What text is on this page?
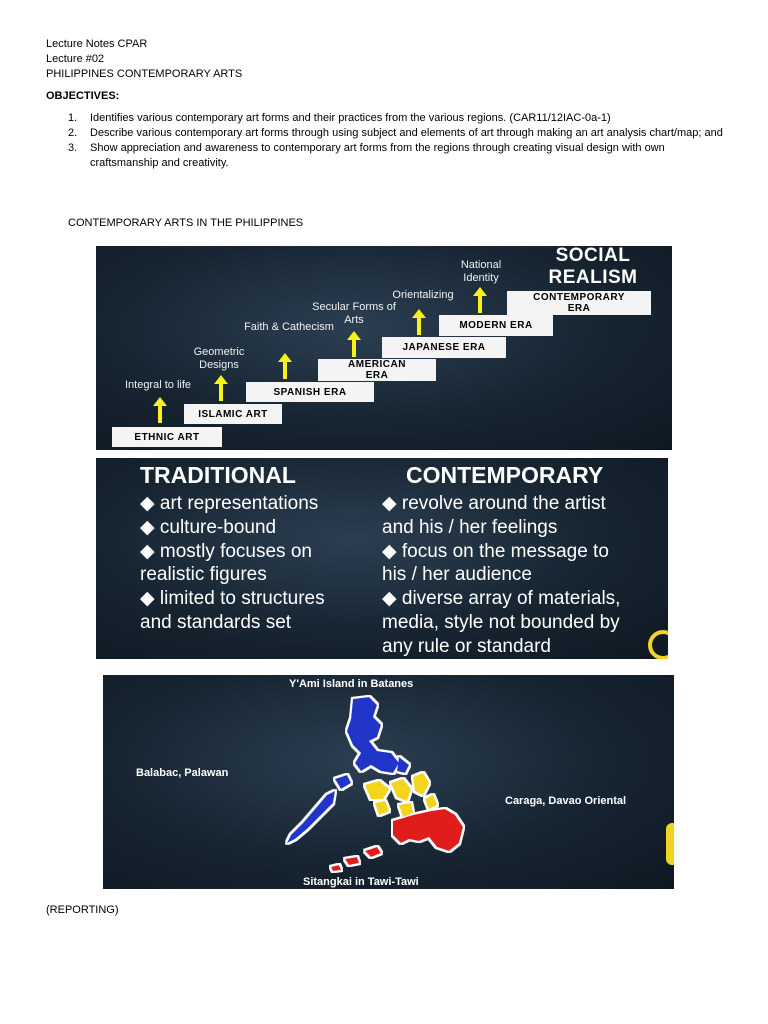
Lecture Notes CPAR
Lecture #02
PHILIPPINES CONTEMPORARY ARTS
OBJECTIVES:
1. Identifies various contemporary art forms and their practices from the various regions. (CAR11/12IAC-0a-1)
2. Describe various contemporary art forms through using subject and elements of art through making an art analysis chart/map; and
3. Show appreciation and awareness to contemporary art forms from the regions through creating visual design with own craftsmanship and creativity.
CONTEMPORARY ARTS IN THE PHILIPPINES
ETHNIC ART
ISLAMIC ART
SPANISH ERA
AMERICAN ERA
JAPANESE ERA
MODERN ERA
CONTEMPORARY ERA
Integral to life
Geometric Designs
Faith & Cathecism
Secular Forms of Arts
Orientalizing
National Identity
SOCIAL REALISM
TRADITIONAL	CONTEMPORARY
◆ art representations
◆ culture-bound
◆ mostly focuses on
realistic figures
◆ limited to structures
and standards set
◆ revolve around the artist
and his / her feelings
◆ focus on the message to
his / her audience
◆ diverse array of materials,
media, style not bounded by
any rule or standard
Y'Ami Island in Batanes
Balabac, Palawan
Caraga, Davao Oriental
Sitangkai in Tawi-Tawi
(REPORTING)
